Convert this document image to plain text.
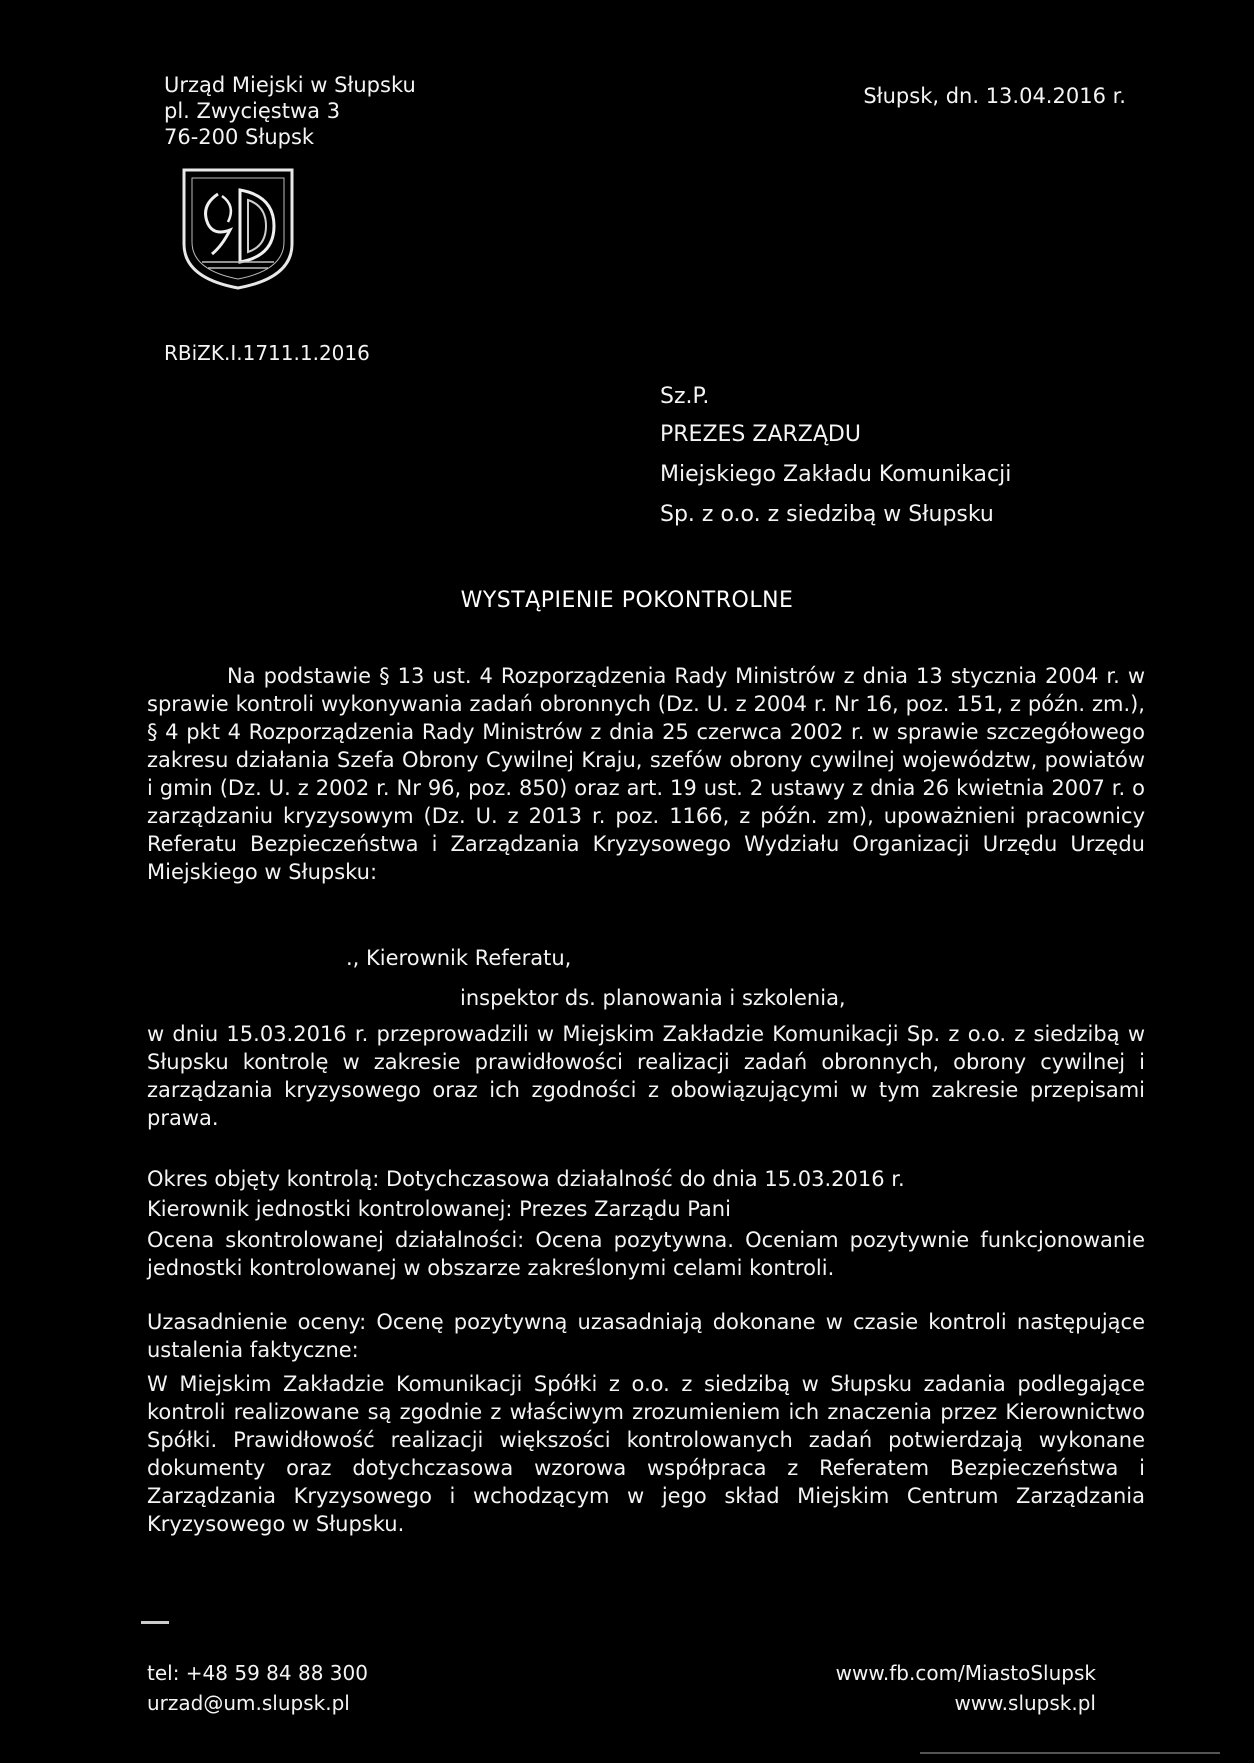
Urząd Miejski w Słupsku
pl. Zwycięstwa 3
76-200 Słupsk
Słupsk, dn. 13.04.2016 r.
RBiZK.I.1711.1.2016
Sz.P.
PREZES ZARZĄDU
Miejskiego Zakładu Komunikacji
Sp. z o.o. z siedzibą w Słupsku
WYSTĄPIENIE POKONTROLNE
Na podstawie § 13 ust. 4 Rozporządzenia Rady Ministrów z dnia 13 stycznia 2004 r. w sprawie kontroli wykonywania zadań obronnych (Dz. U. z 2004 r. Nr 16, poz. 151, z późn. zm.), § 4 pkt 4 Rozporządzenia Rady Ministrów z dnia 25 czerwca 2002 r. w sprawie szczegółowego zakresu działania Szefa Obrony Cywilnej Kraju, szefów obrony cywilnej województw, powiatów i gmin (Dz. U. z 2002 r. Nr 96, poz. 850) oraz art. 19 ust. 2 ustawy z dnia 26 kwietnia 2007 r. o zarządzaniu kryzysowym (Dz. U. z 2013 r. poz. 1166, z późn. zm), upoważnieni pracownicy Referatu Bezpieczeństwa i Zarządzania Kryzysowego Wydziału Organizacji Urzędu Urzędu Miejskiego w Słupsku:
., Kierownik Referatu,
inspektor ds. planowania i szkolenia,
w dniu 15.03.2016 r. przeprowadzili w Miejskim Zakładzie Komunikacji Sp. z o.o. z siedzibą w Słupsku kontrolę w zakresie prawidłowości realizacji zadań obronnych, obrony cywilnej i zarządzania kryzysowego oraz ich zgodności z obowiązującymi w tym zakresie przepisami prawa.
Okres objęty kontrolą: Dotychczasowa działalność do dnia 15.03.2016 r.
Kierownik jednostki kontrolowanej: Prezes Zarządu Pani
Ocena skontrolowanej działalności: Ocena pozytywna. Oceniam pozytywnie funkcjonowanie jednostki kontrolowanej w obszarze zakreślonymi celami kontroli.
Uzasadnienie oceny: Ocenę pozytywną uzasadniają dokonane w czasie kontroli następujące ustalenia faktyczne:
W Miejskim Zakładzie Komunikacji Spółki z o.o. z siedzibą w Słupsku zadania podlegające kontroli realizowane są zgodnie z właściwym zrozumieniem ich znaczenia przez Kierownictwo Spółki. Prawidłowość realizacji większości kontrolowanych zadań potwierdzają wykonane dokumenty oraz dotychczasowa wzorowa współpraca z Referatem Bezpieczeństwa i Zarządzania Kryzysowego i wchodzącym w jego skład Miejskim Centrum Zarządzania Kryzysowego w Słupsku.
tel: +48 59 84 88 300
urzad@um.slupsk.pl
www.fb.com/MiastoSlupsk
www.slupsk.pl
